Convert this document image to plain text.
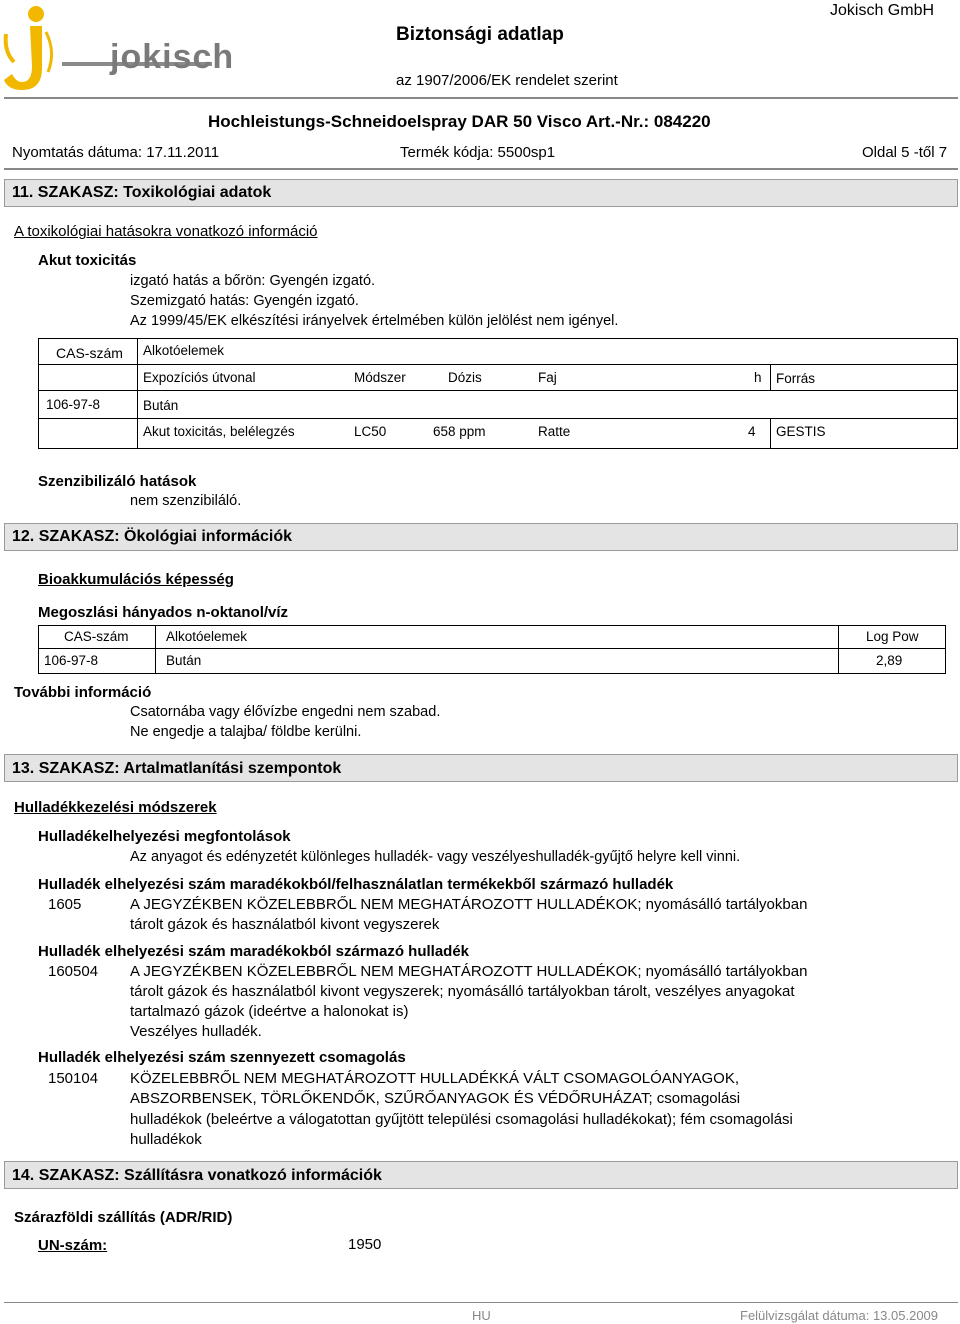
jokisch
Biztonsági adatlap
Jokisch GmbH
az 1907/2006/EK rendelet szerint
Hochleistungs-Schneidoelspray DAR 50 Visco Art.-Nr.: 084220
Nyomtatás dátuma: 17.11.2011	Termék kódja: 5500sp1	Oldal 5 -től 7
11. SZAKASZ: Toxikológiai adatok
A toxikológiai hatásokra vonatkozó információ
Akut toxicitás
izgató hatás a bőrön: Gyengén izgató.
Szemizgató hatás: Gyengén izgató.
Az 1999/45/EK elkészítési irányelvek értelmében külön jelölést nem igényel.
CAS-szám Alkotóelemek
Expozíciós útvonal	Módszer	Dózis	Faj	h Forrás
106-97-8	Bután
Akut toxicitás, belélegzés	LC50	658 ppm	Ratte	4 GESTIS
Szenzibilizáló hatások
nem szenzibiláló.
12. SZAKASZ: Ökológiai információk
Bioakkumulációs képesség
Megoszlási hányados n-oktanol/víz
CAS-szám	Alkotóelemek	Log Pow
106-97-8	Bután	2,89
További információ
Csatornába vagy élővízbe engedni nem szabad.
Ne engedje a talajba/ földbe kerülni.
13. SZAKASZ: Artalmatlanítási szempontok
Hulladékkezelési módszerek
Hulladékelhelyezési megfontolások
Az anyagot és edényzetét különleges hulladék- vagy veszélyeshulladék-gyűjtő helyre kell vinni.
Hulladék elhelyezési szám maradékokból/felhasználatlan termékekből származó hulladék
1605	A JEGYZÉKBEN KÖZELEBBRŐL NEM MEGHATÁROZOTT HULLADÉKOK; nyomásálló tartályokban
tárolt gázok és használatból kivont vegyszerek
Hulladék elhelyezési szám maradékokból származó hulladék
160504 A JEGYZÉKBEN KÖZELEBBRŐL NEM MEGHATÁROZOTT HULLADÉKOK; nyomásálló tartályokban
tárolt gázok és használatból kivont vegyszerek; nyomásálló tartályokban tárolt, veszélyes anyagokat
tartalmazó gázok (ideértve a halonokat is)
Veszélyes hulladék.
Hulladék elhelyezési szám szennyezett csomagolás
150104 KÖZELEBBRŐL NEM MEGHATÁROZOTT HULLADÉKKÁ VÁLT CSOMAGOLÓANYAGOK,
ABSZORBENSEK, TÖRLŐKENDŐK, SZŰRŐANYAGOK ÉS VÉDŐRUHÁZAT; csomagolási
hulladékok (beleértve a válogatottan gyűjtött települési csomagolási hulladékokat); fém csomagolási
hulladékok
14. SZAKASZ: Szállításra vonatkozó információk
Szárazföldi szállítás (ADR/RID)
UN-szám:	1950
HU	Felülvizsgálat dátuma: 13.05.2009
